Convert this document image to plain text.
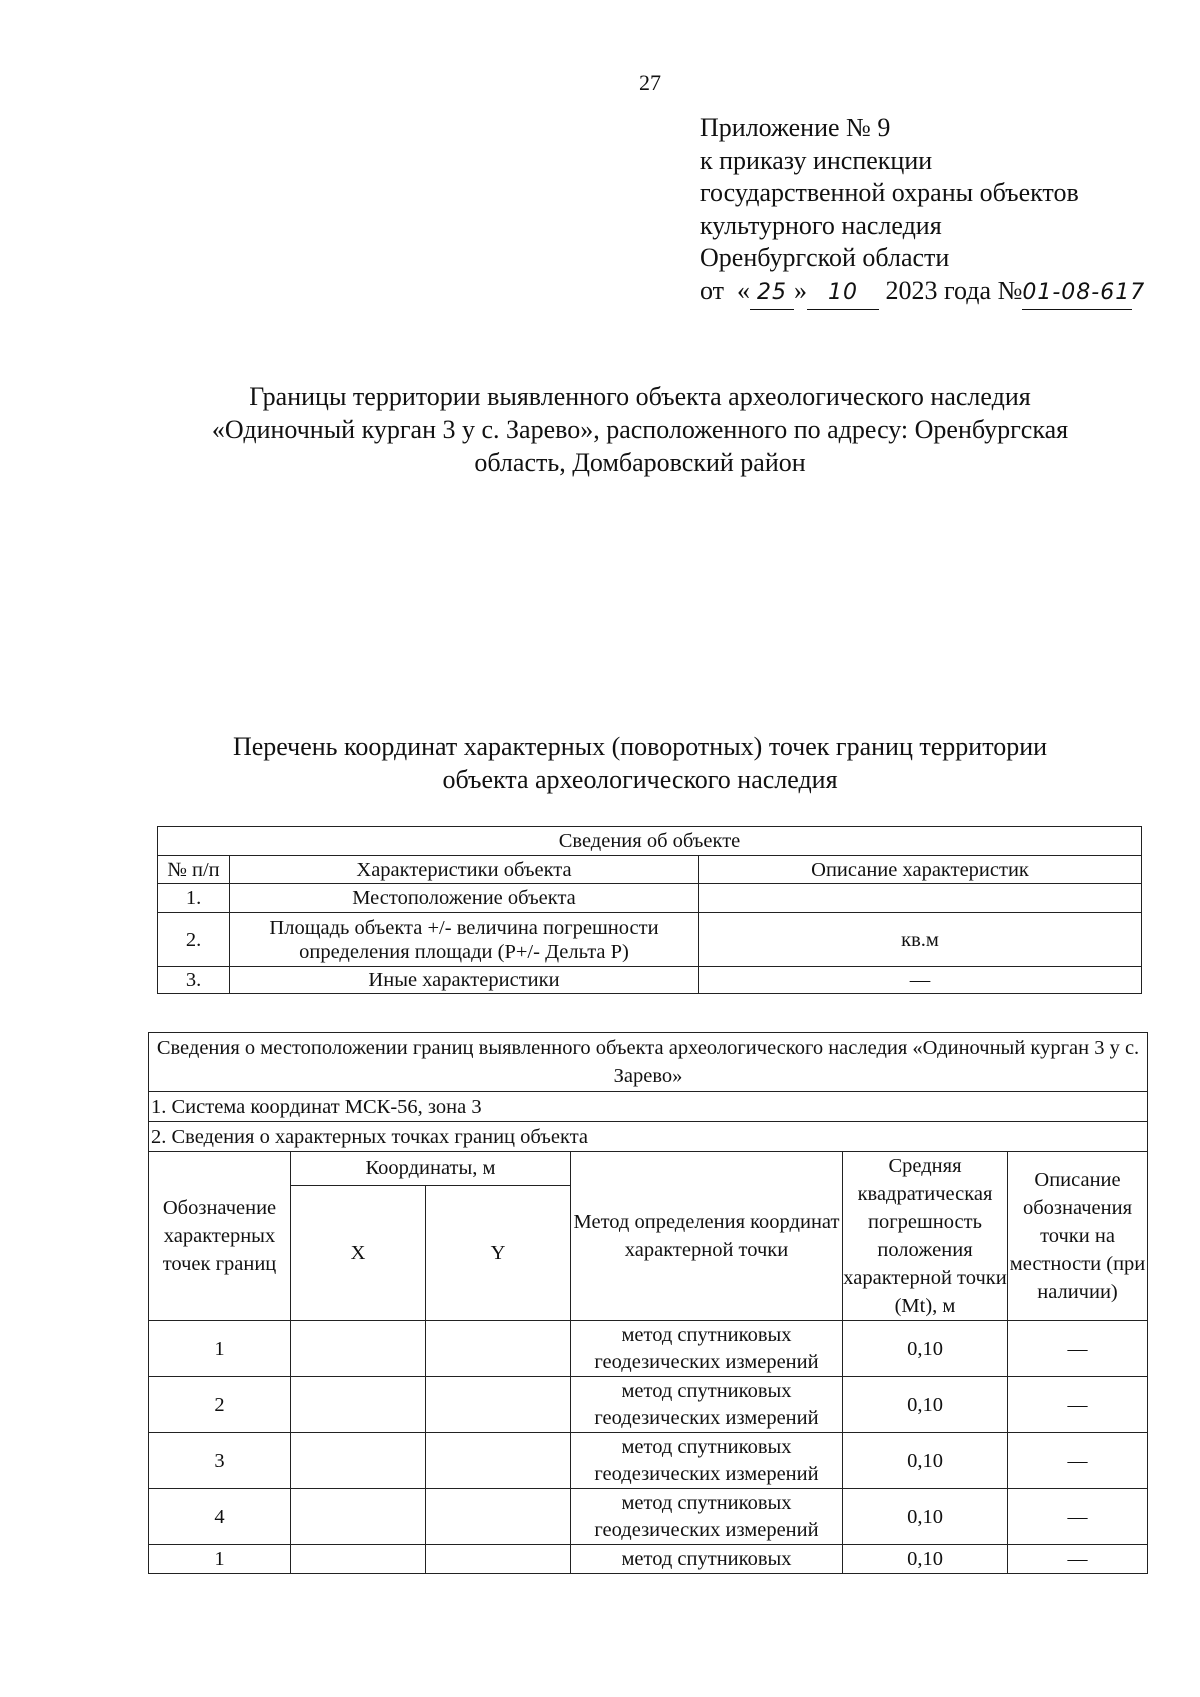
27
Приложение № 9
к приказу инспекции
государственной охраны объектов
культурного наследия
Оренбургской области
от  « 25 » 10 2023 года №01-08-617
Границы территории выявленного объекта археологического наследия
«Одиночный курган 3 у с. Зарево», расположенного по адресу: Оренбургская
область, Домбаровский район
Перечень координат характерных (поворотных) точек границ территории
объекта археологического наследия
Сведения об объекте		
№ п/п	Характеристики объекта	Описание характеристик
1.	Местоположение объекта	
2.	Площадь объекта +/- величина погрешности определения площади (P+/- Дельта P)	кв.м
3.	Иные характеристики	—
Сведения о местоположении границ выявленного объекта археологического наследия «Одиночный курган 3 у с. Зарево»					
1. Система координат МСК-56, зона 3					
2. Сведения о характерных точках границ объекта					
Обозначение характерных точек границ	Координаты, м		Метод определения координат характерной точки	Средняя квадратическая погрешность положения характерной точки (Mt), м	Описание обозначения точки на местности (при наличии)
	X	Y			
1			метод спутниковых геодезических измерений	0,10	—
2			метод спутниковых геодезических измерений	0,10	—
3			метод спутниковых геодезических измерений	0,10	—
4			метод спутниковых геодезических измерений	0,10	—
1			метод спутниковых	0,10	—
